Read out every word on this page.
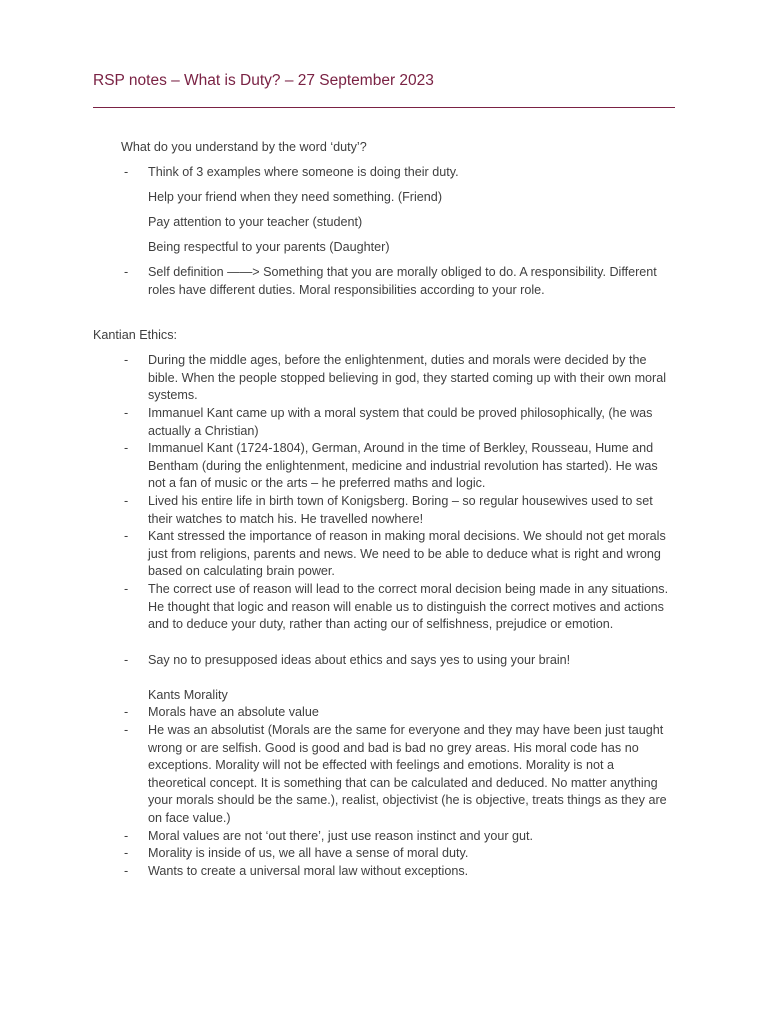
RSP notes – What is Duty? – 27 September 2023
What do you understand by the word ‘duty’?
- Think of 3 examples where someone is doing their duty.
Help your friend when they need something. (Friend)
Pay attention to your teacher (student)
Being respectful to your parents (Daughter)
- Self definition ——> Something that you are morally obliged to do. A responsibility. Different roles have different duties. Moral responsibilities according to your role.
Kantian Ethics:
- During the middle ages, before the enlightenment, duties and morals were decided by the bible. When the people stopped believing in god, they started coming up with their own moral systems.
- Immanuel Kant came up with a moral system that could be proved philosophically, (he was actually a Christian)
- Immanuel Kant (1724-1804), German, Around in the time of Berkley, Rousseau, Hume and Bentham (during the enlightenment, medicine and industrial revolution has started). He was not a fan of music or the arts – he preferred maths and logic.
- Lived his entire life in birth town of Konigsberg. Boring – so regular housewives used to set their watches to match his. He travelled nowhere!
- Kant stressed the importance of reason in making moral decisions. We should not get morals just from religions, parents and news. We need to be able to deduce what is right and wrong based on calculating brain power.
- The correct use of reason will lead to the correct moral decision being made in any situations. He thought that logic and reason will enable us to distinguish the correct motives and actions and to deduce your duty, rather than acting our of selfishness, prejudice or emotion.
- Say no to presupposed ideas about ethics and says yes to using your brain!
Kants Morality
- Morals have an absolute value
- He was an absolutist (Morals are the same for everyone and they may have been just taught wrong or are selfish. Good is good and bad is bad no grey areas. His moral code has no exceptions. Morality will not be effected with feelings and emotions. Morality is not a theoretical concept. It is something that can be calculated and deduced. No matter anything your morals should be the same.), realist, objectivist (he is objective, treats things as they are on face value.)
- Moral values are not ‘out there’, just use reason instinct and your gut.
- Morality is inside of us, we all have a sense of moral duty.
- Wants to create a universal moral law without exceptions.
